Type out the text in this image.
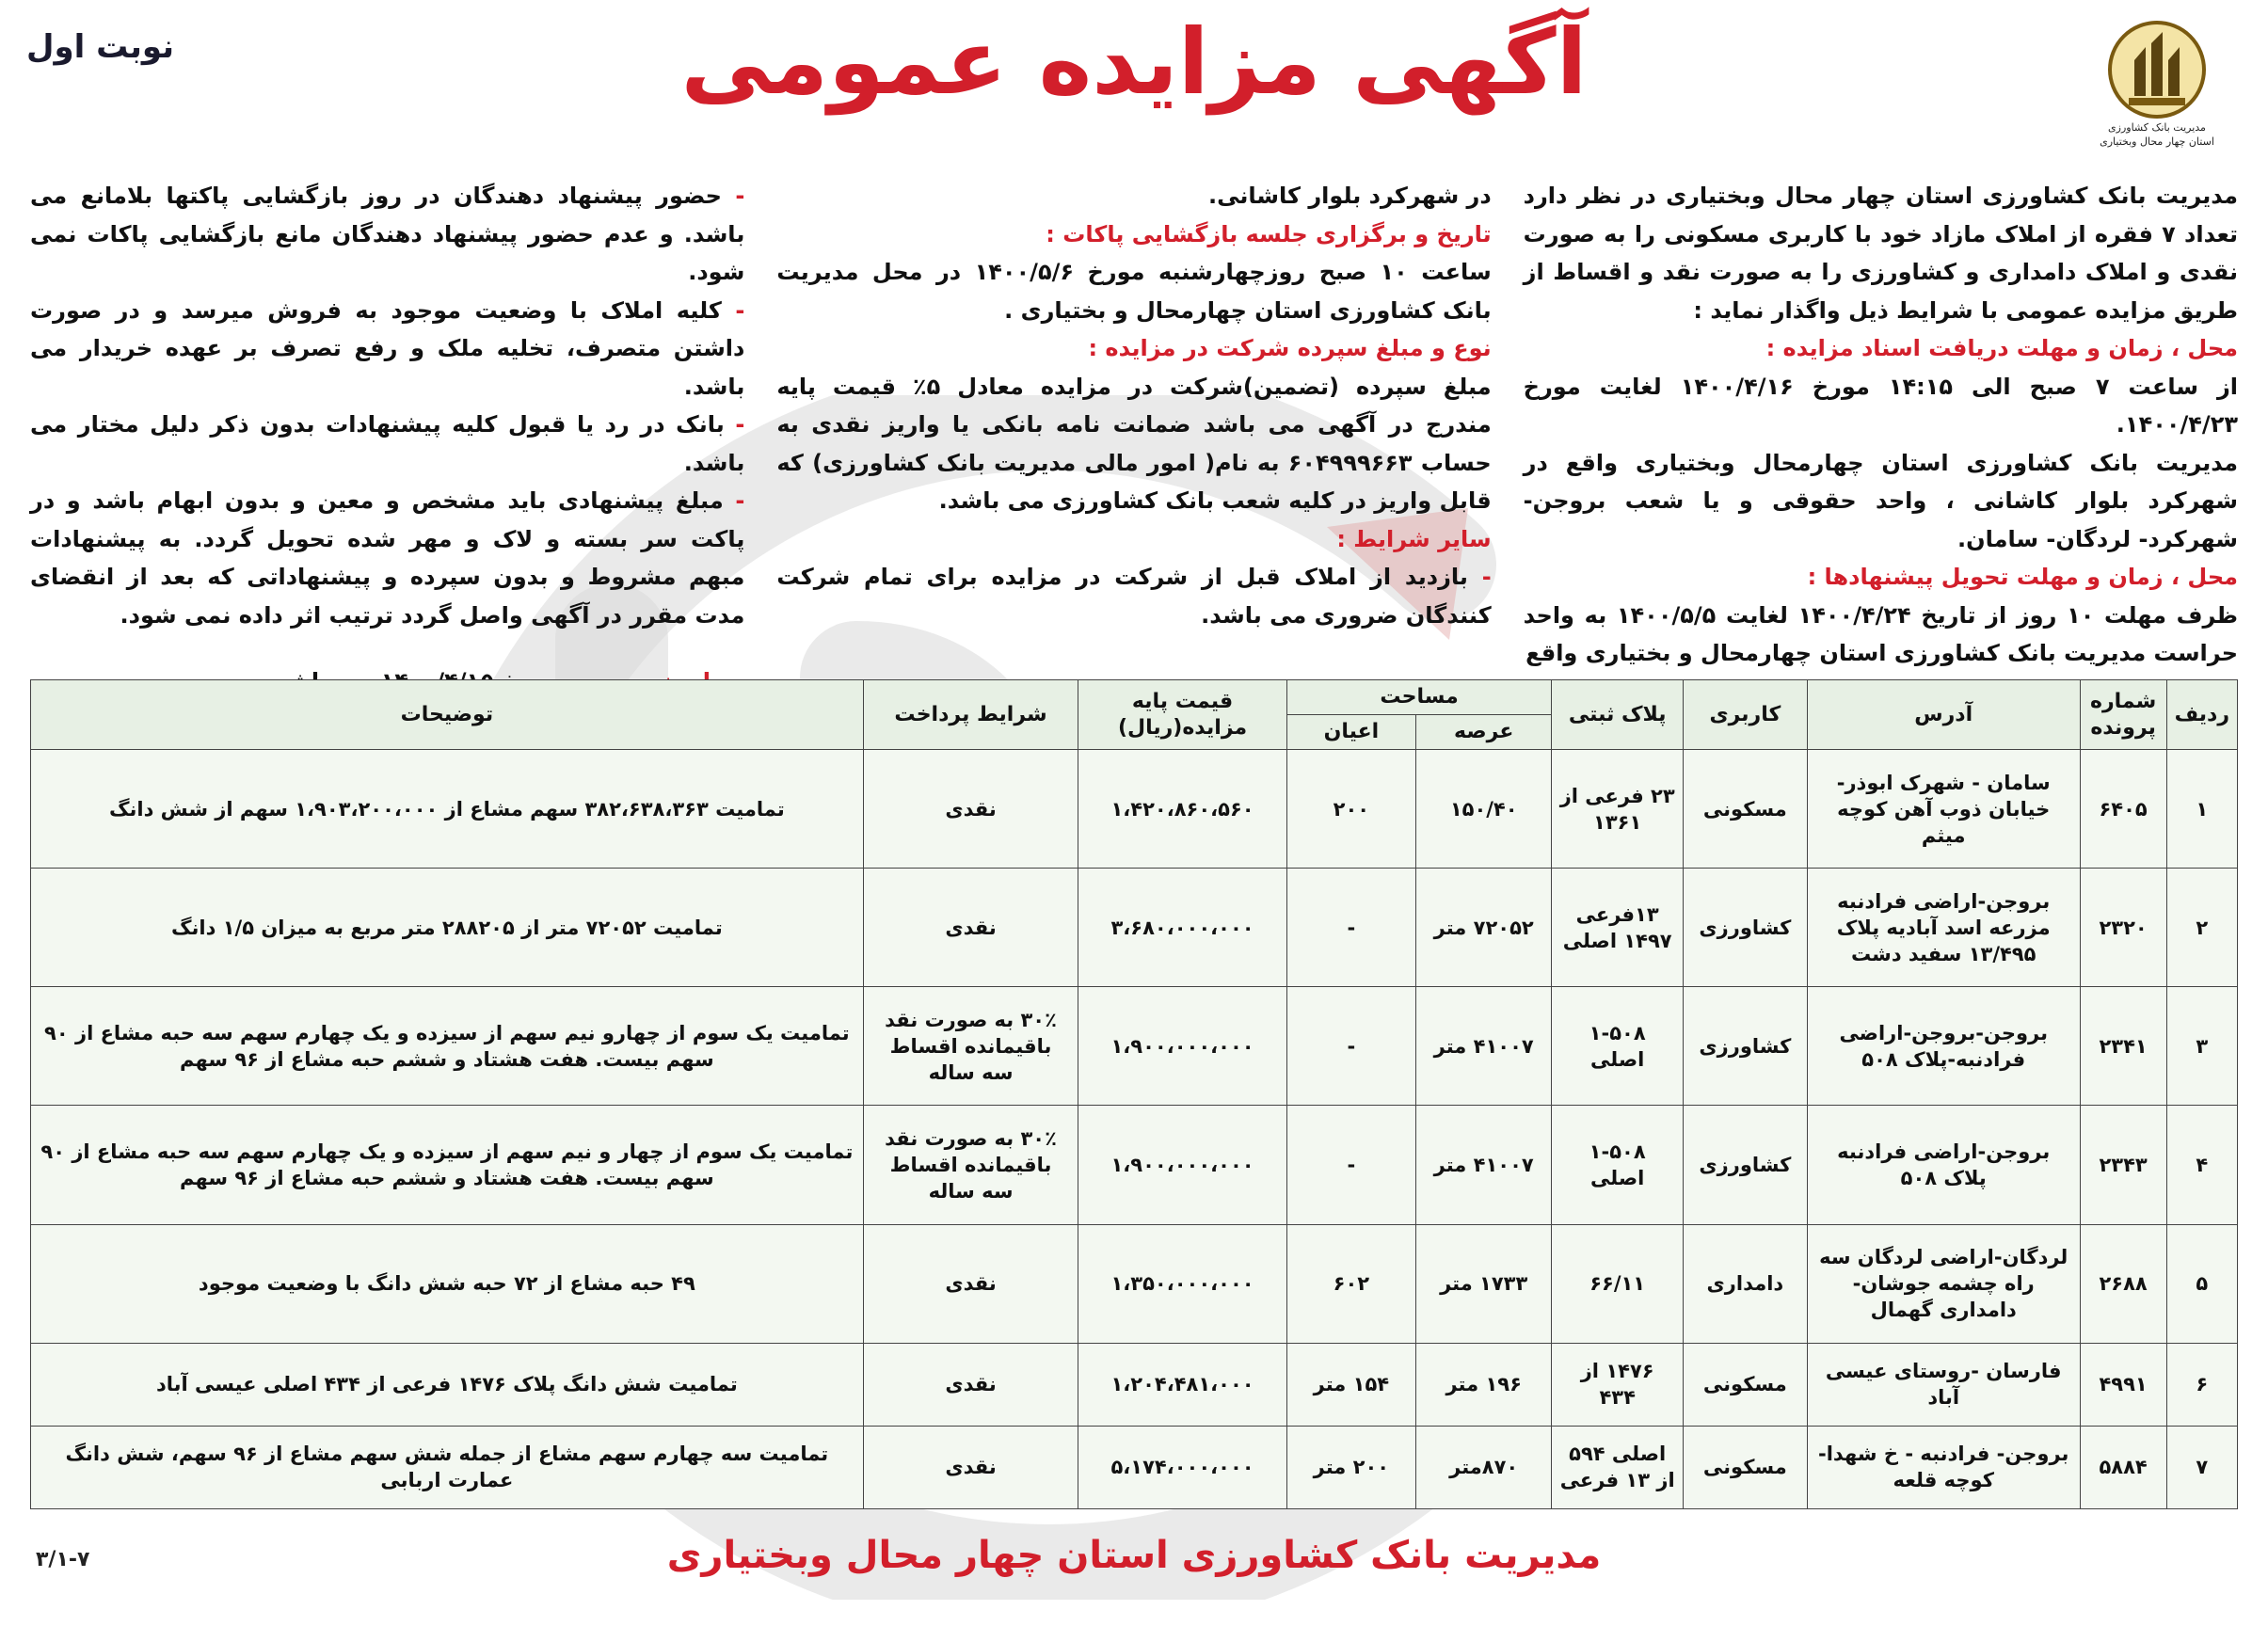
مدیریت بانک کشاورزی
استان چهار محال وبختیاری
نوبت اول	آگهی مزایده عمومی

مدیریت بانک کشاورزی استان چهار محال وبختیاری در نظر دارد تعداد ۷ فقره از املاک مازاد خود با کاربری مسکونی را به صورت نقدی و املاک دامداری و کشاورزی را به صورت نقد و اقساط از طریق مزایده عمومی با شرایط ذیل واگذار نماید :

محل ، زمان و مهلت دریافت اسناد مزایده :

از ساعت ۷ صبح الی ۱۴:۱۵ مورخ ۱۴۰۰/۴/۱۶ لغایت مورخ ۱۴۰۰/۴/۲۳.

مدیریت بانک کشاورزی استان چهارمحال وبختیاری واقع در شهرکرد بلوار کاشانی ، واحد حقوقی و یا شعب بروجن- شهرکرد- لردگان- سامان.

محل ، زمان و مهلت تحویل پیشنهادها :

ظرف مهلت ۱۰ روز از تاریخ ۱۴۰۰/۴/۲۴ لغایت ۱۴۰۰/۵/۵ به واحد حراست مدیریت بانک کشاورزی استان چهارمحال و بختیاری واقع

در شهرکرد بلوار کاشانی.

تاریخ و برگزاری جلسه بازگشایی پاکات :

ساعت ۱۰ صبح روزچهارشنبه مورخ ۱۴۰۰/۵/۶ در محل مدیریت بانک کشاورزی استان چهارمحال و بختیاری .

نوع و مبلغ سپرده شرکت در مزایده :

مبلغ سپرده (تضمین)شرکت در مزایده معادل ۵٪ قیمت پایه مندرج در آگهی می باشد ضمانت نامه بانکی یا واریز نقدی به حساب ۶۰۴۹۹۹۶۶۳ به نام( امور مالی مدیریت بانک کشاورزی) که قابل واریز در کلیه شعب بانک کشاورزی می باشد.

سایر شرایط :

- بازدید از املاک قبل از شرکت در مزایده برای تمام شرکت کنندگان ضروری می باشد.

- حضور پیشنهاد دهندگان در روز بازگشایی پاکتها بلامانع می باشد. و عدم حضور پیشنهاد دهندگان مانع بازگشایی پاکات نمی شود.

- کلیه املاک با وضعیت موجود به فروش میرسد و در صورت داشتن متصرف، تخلیه ملک و رفع تصرف بر عهده خریدار می باشد.

- بانک در رد یا قبول کلیه پیشنهادات بدون ذکر دلیل مختار می باشد.

- مبلغ پیشنهادی باید مشخص و معین و بدون ابهام باشد و در پاکت سر بسته و لاک و مهر شده تحویل گردد. به پیشنهادات مبهم مشروط و بدون سپرده و پیشنهاداتی که بعد از انقضای مدت مقرر در آگهی واصل گردد ترتیب اثر داده نمی شود.

ردیف	شماره پرونده	آدرس	کاربری	پلاک ثبتی	مساحت		قیمت پایه مزایده(ریال)	شرایط پرداخت	توضیحات
					عرصه	اعیان			
۱	۶۴۰۵	سامان - شهرک ابوذر- خیابان ذوب آهن کوچه میثم	مسکونی	۲۳ فرعی از ۱۳۶۱	۱۵۰/۴۰	۲۰۰	۱،۴۲۰،۸۶۰،۵۶۰	نقدی	تمامیت ۳۸۲،۶۳۸،۳۶۳ سهم مشاع از ۱،۹۰۳،۲۰۰،۰۰۰ سهم از شش دانگ
۲	۲۳۲۰	بروجن-اراضی فرادنبه مزرعه اسد آبادیه پلاک ۱۳/۴۹۵ سفید دشت	کشاورزی	۱۳فرعی ۱۴۹۷ اصلی	۷۲۰۵۲ متر	-	۳،۶۸۰،۰۰۰،۰۰۰	نقدی	تمامیت ۷۲۰۵۲ متر از ۲۸۸۲۰۵ متر مربع به میزان ۱/۵ دانگ
۳	۲۳۴۱	بروجن-بروجن-اراضی فرادنبه-پلاک ۵۰۸	کشاورزی	۱-۵۰۸ اصلی	۴۱۰۰۷ متر	-	۱،۹۰۰،۰۰۰،۰۰۰	۳۰٪ به صورت نقد باقیمانده اقساط سه ساله	تمامیت یک سوم از چهارو نیم سهم از سیزده و یک چهارم سهم سه حبه مشاع از ۹۰ سهم بیست. هفت هشتاد و ششم حبه مشاع از ۹۶ سهم
۴	۲۳۴۳	بروجن-اراضی فرادنبه پلاک ۵۰۸	کشاورزی	۱-۵۰۸ اصلی	۴۱۰۰۷ متر	-	۱،۹۰۰،۰۰۰،۰۰۰	۳۰٪ به صورت نقد باقیمانده اقساط سه ساله	تمامیت یک سوم از چهار و نیم سهم از سیزده و یک چهارم سهم سه حبه مشاع از ۹۰ سهم بیست. هفت هشتاد و ششم حبه مشاع از ۹۶ سهم
۵	۲۶۸۸	لردگان-اراضی لردگان سه راه چشمه جوشان-دامداری گهمال	دامداری	۶۶/۱۱	۱۷۳۳ متر	۶۰۲	۱،۳۵۰،۰۰۰،۰۰۰	نقدی	۴۹ حبه مشاع از ۷۲ حبه شش دانگ با وضعیت موجود
۶	۴۹۹۱	فارسان -روستای عیسی آباد	مسکونی	۱۴۷۶ از ۴۳۴	۱۹۶ متر	۱۵۴ متر	۱،۲۰۴،۴۸۱،۰۰۰	نقدی	تمامیت شش دانگ پلاک ۱۴۷۶ فرعی از ۴۳۴ اصلی عیسی آباد
۷	۵۸۸۴	بروجن- فرادنبه - خ شهدا- کوچه قلعه	مسکونی	اصلی ۵۹۴ از ۱۳ فرعی	۸۷۰متر	۲۰۰ متر	۵،۱۷۴،۰۰۰،۰۰۰	نقدی	تمامیت سه چهارم سهم مشاع از جمله شش سهم مشاع از ۹۶ سهم، شش دانگ عمارت اربابی
۳/۱-۷	مدیریت بانک کشاورزی استان چهار محال وبختیاری
